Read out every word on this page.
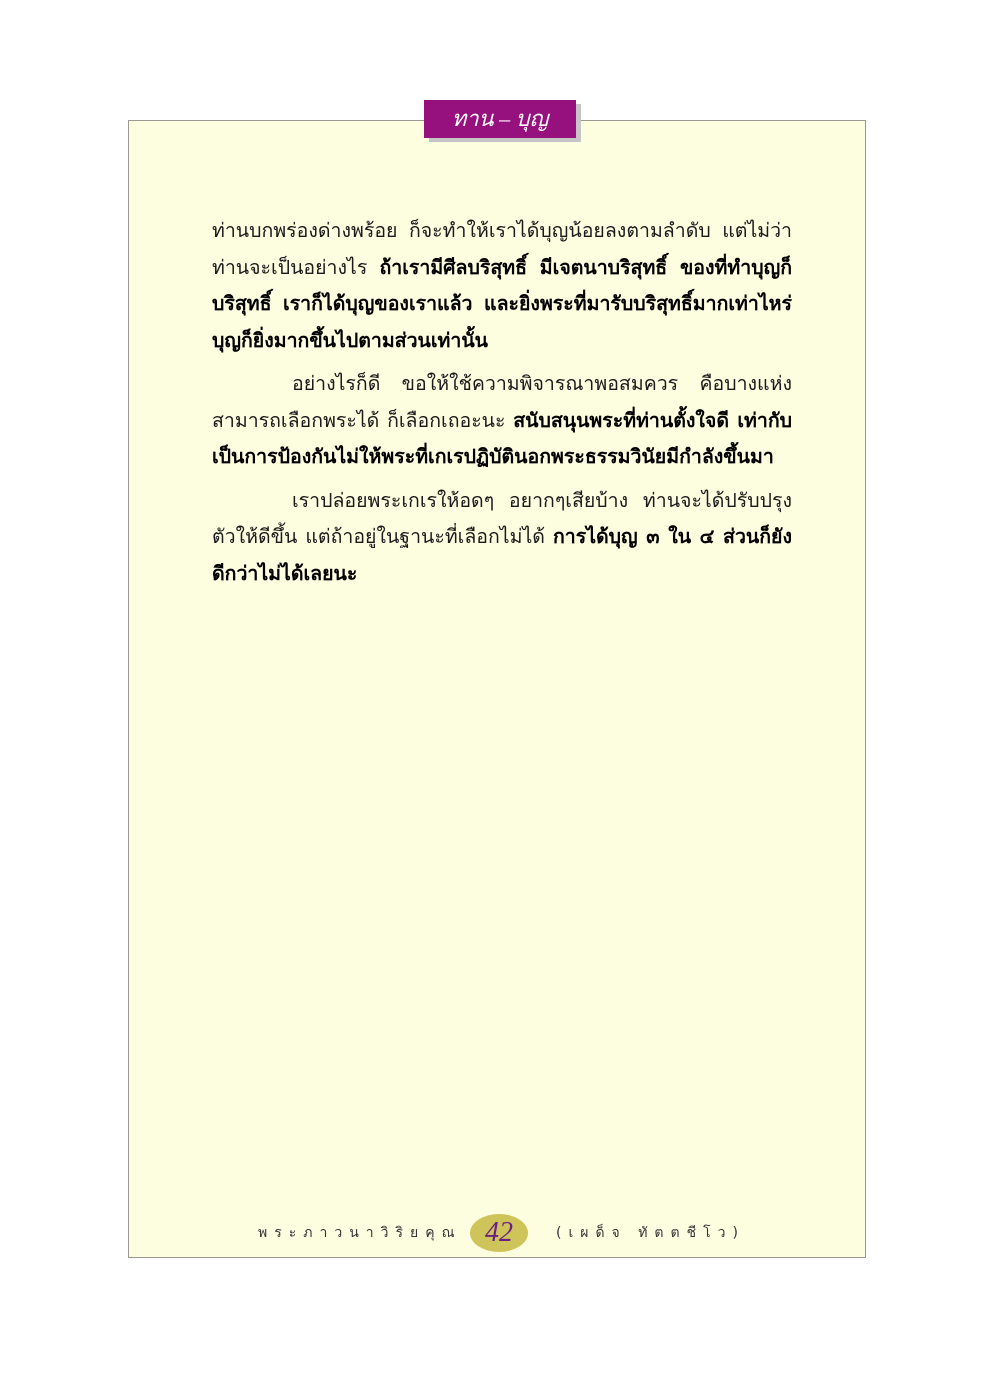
ทาน – บุญ

ท่านบกพร่องด่างพร้อย ก็จะทำให้เราได้บุญน้อยลงตามลำดับ แต่ไม่ว่าท่านจะเป็นอย่างไร ถ้าเรามีศีลบริสุทธิ์ มีเจตนาบริสุทธิ์ ของที่ทำบุญก็บริสุทธิ์ เราก็ได้บุญของเราแล้ว และยิ่งพระที่มารับบริสุทธิ์มากเท่าไหร่ บุญก็ยิ่งมากขึ้นไปตามส่วนเท่านั้น

อย่างไรก็ดี ขอให้ใช้ความพิจารณาพอสมควร คือบางแห่งสามารถเลือกพระได้ ก็เลือกเถอะนะ สนับสนุนพระที่ท่านตั้งใจดี เท่ากับเป็นการป้องกันไม่ให้พระที่เกเรปฏิบัตินอกพระธรรมวินัยมีกำลังขึ้นมา

เราปล่อยพระเกเรให้อดๆ อยากๆเสียบ้าง ท่านจะได้ปรับปรุงตัวให้ดีขึ้น แต่ถ้าอยู่ในฐานะที่เลือกไม่ได้ การได้บุญ ๓ ใน ๔ ส่วนก็ยังดีกว่าไม่ได้เลยนะ

พระภาวนาวิริยคุณ 42	(เผด็จ ทัตตชีโว)
